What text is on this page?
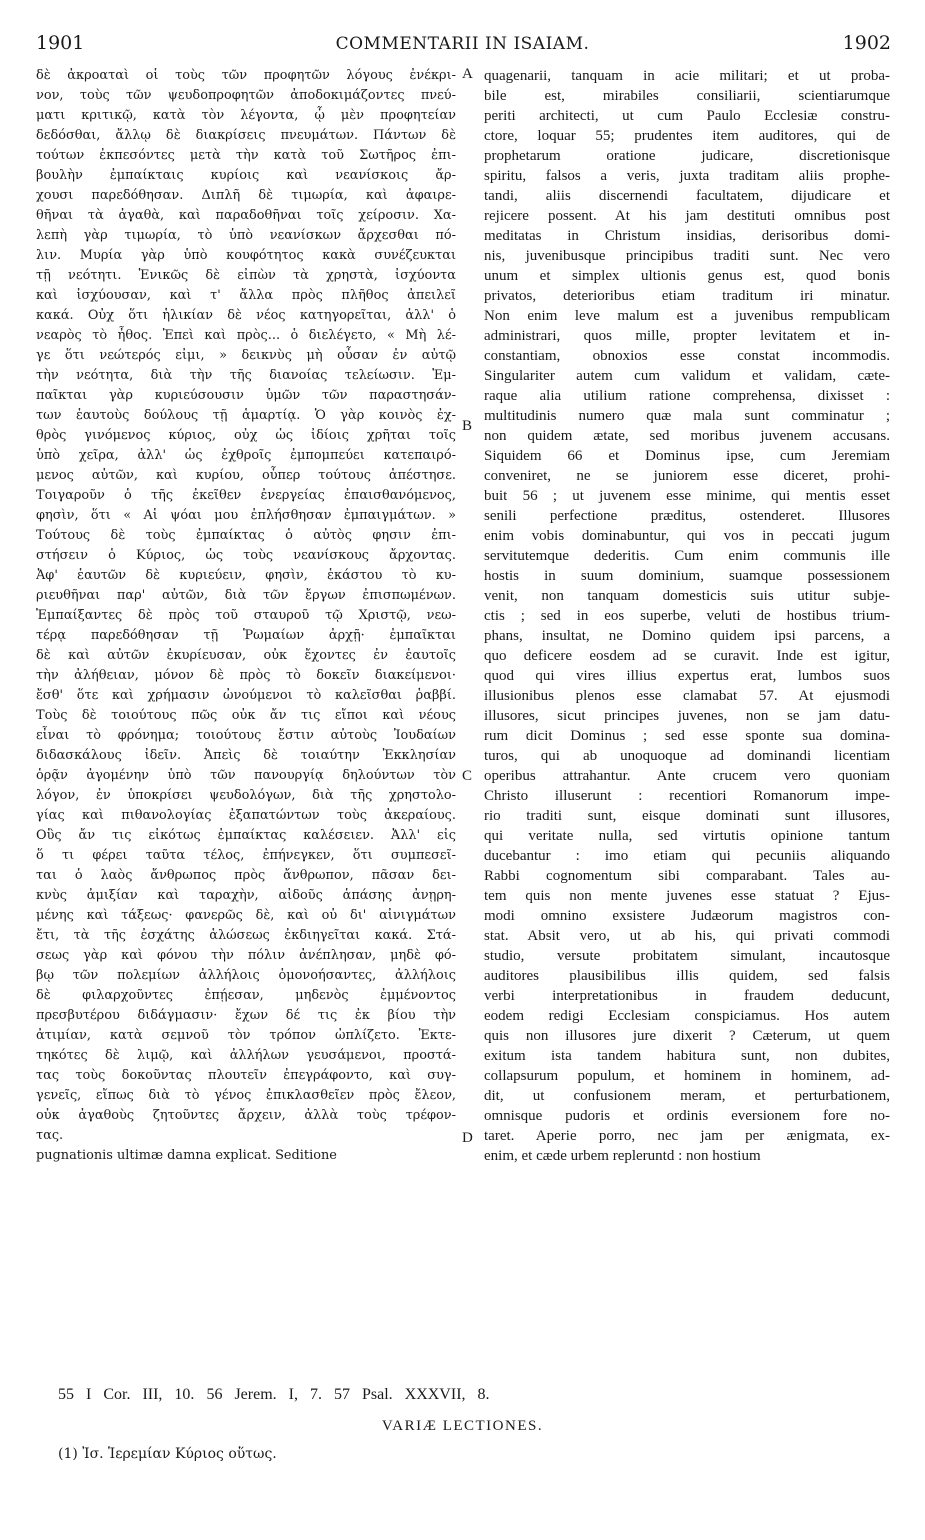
1901	COMMENTARII IN ISAIAM.	1902
δὲ ἀκροαταὶ οἱ τοὺς τῶν προφητῶν λόγους ἐνέκρι-
νον, τοὺς τῶν ψευδοπροφητῶν ἀποδοκιμάζοντες πνεύ-
ματι κριτικῷ, κατὰ τὸν λέγοντα, ᾧ μὲν προφητείαν
δεδόσθαι, ἄλλῳ δὲ διακρίσεις πνευμάτων. Πάντων δὲ
τούτων ἐκπεσόντες μετὰ τὴν κατὰ τοῦ Σωτῆρος ἐπι-
βουλὴν ἐμπαίκταις κυρίοις καὶ νεανίσκοις ἄρ-
χουσι παρεδόθησαν. Διπλῆ δὲ τιμωρία, καὶ ἀφαιρε-
θῆναι τὰ ἀγαθὰ, καὶ παραδοθῆναι τοῖς χείροσιν. Χα-
λεπὴ γὰρ τιμωρία, τὸ ὑπὸ νεανίσκων ἄρχεσθαι πό-
λιν. Μυρία γὰρ ὑπὸ κουφότητος κακὰ συνέζευκται
τῇ νεότητι. Ἑνικῶς δὲ εἰπὼν τὰ χρηστὰ, ἰσχύοντα
καὶ ἰσχύουσαν, καὶ τ' ἄλλα πρὸς πλῆθος ἀπειλεῖ
κακά. Οὐχ ὅτι ἡλικίαν δὲ νέος κατηγορεῖται, ἀλλ' ὁ
νεαρὸς τὸ ἦθος. Ἐπεὶ καὶ πρὸς... ὁ διελέγετο, « Μὴ λέ-
γε ὅτι νεώτερός εἰμι, » δεικνὺς μὴ οὖσαν ἐν αὐτῷ
τὴν νεότητα, διὰ τὴν τῆς διανοίας τελείωσιν. Ἐμ-
παῖκται γὰρ κυριεύσουσιν ὑμῶν τῶν παραστησάν-
των ἑαυτοὺς δούλους τῇ ἁμαρτίᾳ. Ὁ γὰρ κοινὸς ἐχ-
θρὸς γινόμενος κύριος, οὐχ ὡς ἰδίοις χρῆται τοῖς
ὑπὸ χεῖρα, ἀλλ' ὡς ἐχθροῖς ἐμπομπεύει κατεπαιρό-
μενος αὐτῶν, καὶ κυρίου, οὗπερ τούτους ἀπέστησε.
Τοιγαροῦν ὁ τῆς ἐκεῖθεν ἐνεργείας ἐπαισθανόμενος,
φησὶν, ὅτι « Αἱ ψόαι μου ἐπλήσθησαν ἐμπαιγμάτων. »
Τούτους δὲ τοὺς ἐμπαίκτας ὁ αὐτὸς φησιν ἐπι-
στήσειν ὁ Κύριος, ὡς τοὺς νεανίσκους ἄρχοντας.
Ἀφ' ἑαυτῶν δὲ κυριεύειν, φησὶν, ἑκάστου τὸ κυ-
ριευθῆναι παρ' αὐτῶν, διὰ τῶν ἔργων ἐπισπωμένων.
Ἐμπαίξαντες δὲ πρὸς τοῦ σταυροῦ τῷ Χριστῷ, νεω-
τέρᾳ παρεδόθησαν τῇ Ῥωμαίων ἀρχῇ· ἐμπαῖκται
δὲ καὶ αὐτῶν ἐκυρίευσαν, οὐκ ἔχοντες ἐν ἑαυτοῖς
τὴν ἀλήθειαν, μόνον δὲ πρὸς τὸ δοκεῖν διακείμενοι·
ἔσθ' ὅτε καὶ χρήμασιν ὠνούμενοι τὸ καλεῖσθαι ῥαββί.
Τοὺς δὲ τοιούτους πῶς οὐκ ἄν τις εἴποι καὶ νέους
εἶναι τὸ φρόνημα; τοιούτους ἔστιν αὐτοὺς Ἰουδαίων
διδασκάλους ἰδεῖν. Ἀπεὶς δὲ τοιαύτην Ἐκκλησίαν
ὁρᾷν ἀγομένην ὑπὸ τῶν πανουργίᾳ δηλούντων τὸν
λόγον, ἐν ὑποκρίσει ψευδολόγων, διὰ τῆς χρηστολο-
γίας καὶ πιθανολογίας ἐξαπατώντων τοὺς ἀκεραίους.
Οὓς ἄν τις εἰκότως ἐμπαίκτας καλέσειεν. Ἀλλ' εἰς
ὅ τι φέρει ταῦτα τέλος, ἐπήνεγκεν, ὅτι συμπεσεῖ-
ται ὁ λαὸς ἄνθρωπος πρὸς ἄνθρωπον, πᾶσαν δει-
κνὺς ἀμιξίαν καὶ ταραχὴν, αἰδοῦς ἁπάσης ἀνῃρη-
μένης καὶ τάξεως· φανερῶς δὲ, καὶ οὐ δι' αἰνιγμάτων
ἔτι, τὰ τῆς ἐσχάτης ἁλώσεως ἐκδιηγεῖται κακά. Στά-
σεως γὰρ καὶ φόνου τὴν πόλιν ἀνέπλησαν, μηδὲ φό-
βῳ τῶν πολεμίων ἀλλήλοις ὁμονοήσαντες, ἀλλήλοις
δὲ φιλαρχοῦντες ἐπῄεσαν, μηδενὸς ἐμμένοντος
πρεσβυτέρου διδάγμασιν· ἔχων δέ τις ἐκ βίου τὴν
ἀτιμίαν, κατὰ σεμνοῦ τὸν τρόπον ὠπλίζετο. Ἐκτε-
τηκότες δὲ λιμῷ, καὶ ἀλλήλων γευσάμενοι, προστά-
τας τοὺς δοκοῦντας πλουτεῖν ἐπεγράφοντο, καὶ συγ-
γενεῖς, εἴπως διὰ τὸ γένος ἐπικλασθεῖεν πρὸς ἔλεον,
οὐκ ἀγαθοὺς ζητοῦντες ἄρχειν, ἀλλὰ τοὺς τρέφον-
τας.
pugnationis ultimæ damna explicat. Seditione
quagenarii, tanquam in acie militari; et ut proba-
bile est, mirabiles consiliarii, scientiarumque
periti architecti, ut cum Paulo Ecclesiæ constru-
ctore, loquar 55; prudentes item auditores, qui de
prophetarum oratione judicare, discretionisque
spiritu, falsos a veris, juxta traditam aliis prophe-
tandi, aliis discernendi facultatem, dijudicare et
rejicere possent. At his jam destituti omnibus post
meditatas in Christum insidias, derisoribus domi-
nis, juvenibusque principibus traditi sunt. Nec vero
unum et simplex ultionis genus est, quod bonis
privatos, deterioribus etiam traditum iri minatur.
Non enim leve malum est a juvenibus rempublicam
administrari, quos mille, propter levitatem et in-
constantiam, obnoxios esse constat incommodis.
Singulariter autem cum validum et validam, cæte-
raque alia utilium ratione comprehensa, dixisset :
multitudinis numero quæ mala sunt comminatur ;
non quidem ætate, sed moribus juvenem accusans.
Siquidem 66 et Dominus ipse, cum Jeremiam
conveniret, ne se juniorem esse diceret, prohi-
buit 56 ; ut juvenem esse minime, qui mentis esset
senili perfectione præditus, ostenderet. Illusores
enim vobis dominabuntur, qui vos in peccati jugum
servitutemque dederitis. Cum enim communis ille
hostis in suum dominium, suamque possessionem
venit, non tanquam domesticis suis utitur subje-
ctis ; sed in eos superbe, veluti de hostibus trium-
phans, insultat, ne Domino quidem ipsi parcens, a
quo deficere eosdem ad se curavit. Inde est igitur,
quod qui vires illius expertus erat, lumbos suos
illusionibus plenos esse clamabat 57. At ejusmodi
illusores, sicut principes juvenes, non se jam datu-
rum dicit Dominus ; sed esse sponte sua domina-
turos, qui ab unoquoque ad dominandi licentiam
operibus attrahantur. Ante crucem vero quoniam
Christo illuserunt : recentiori Romanorum impe-
rio traditi sunt, eisque dominati sunt illusores,
qui veritate nulla, sed virtutis opinione tantum
ducebantur : imo etiam qui pecuniis aliquando
Rabbi cognomentum sibi comparabant. Tales au-
tem quis non mente juvenes esse statuat ? Ejus-
modi omnino exsistere Judæorum magistros con-
stat. Absit vero, ut ab his, qui privati commodi
studio, versute probitatem simulant, incautosque
auditores plausibilibus illis quidem, sed falsis
verbi interpretationibus in fraudem deducunt,
eodem redigi Ecclesiam conspiciamus. Hos autem
quis non illusores jure dixerit ? Cæterum, ut quem
exitum ista tandem habitura sunt, non dubites,
collapsurum populum, et hominem in hominem, ad-
dit, ut confusionem meram, et perturbationem,
omnisque pudoris et ordinis eversionem fore no-
taret. Aperie porro, nec jam per ænigmata, ex-
enim, et cæde urbem repleruntd : non hostium
A
B
C
D
55 I Cor. III, 10. 56 Jerem. I, 7. 57 Psal. XXXVII, 8.
VARIÆ LECTIONES.
(1) Ἰσ. Ἱερεμίαν Κύριος οὕτως.
